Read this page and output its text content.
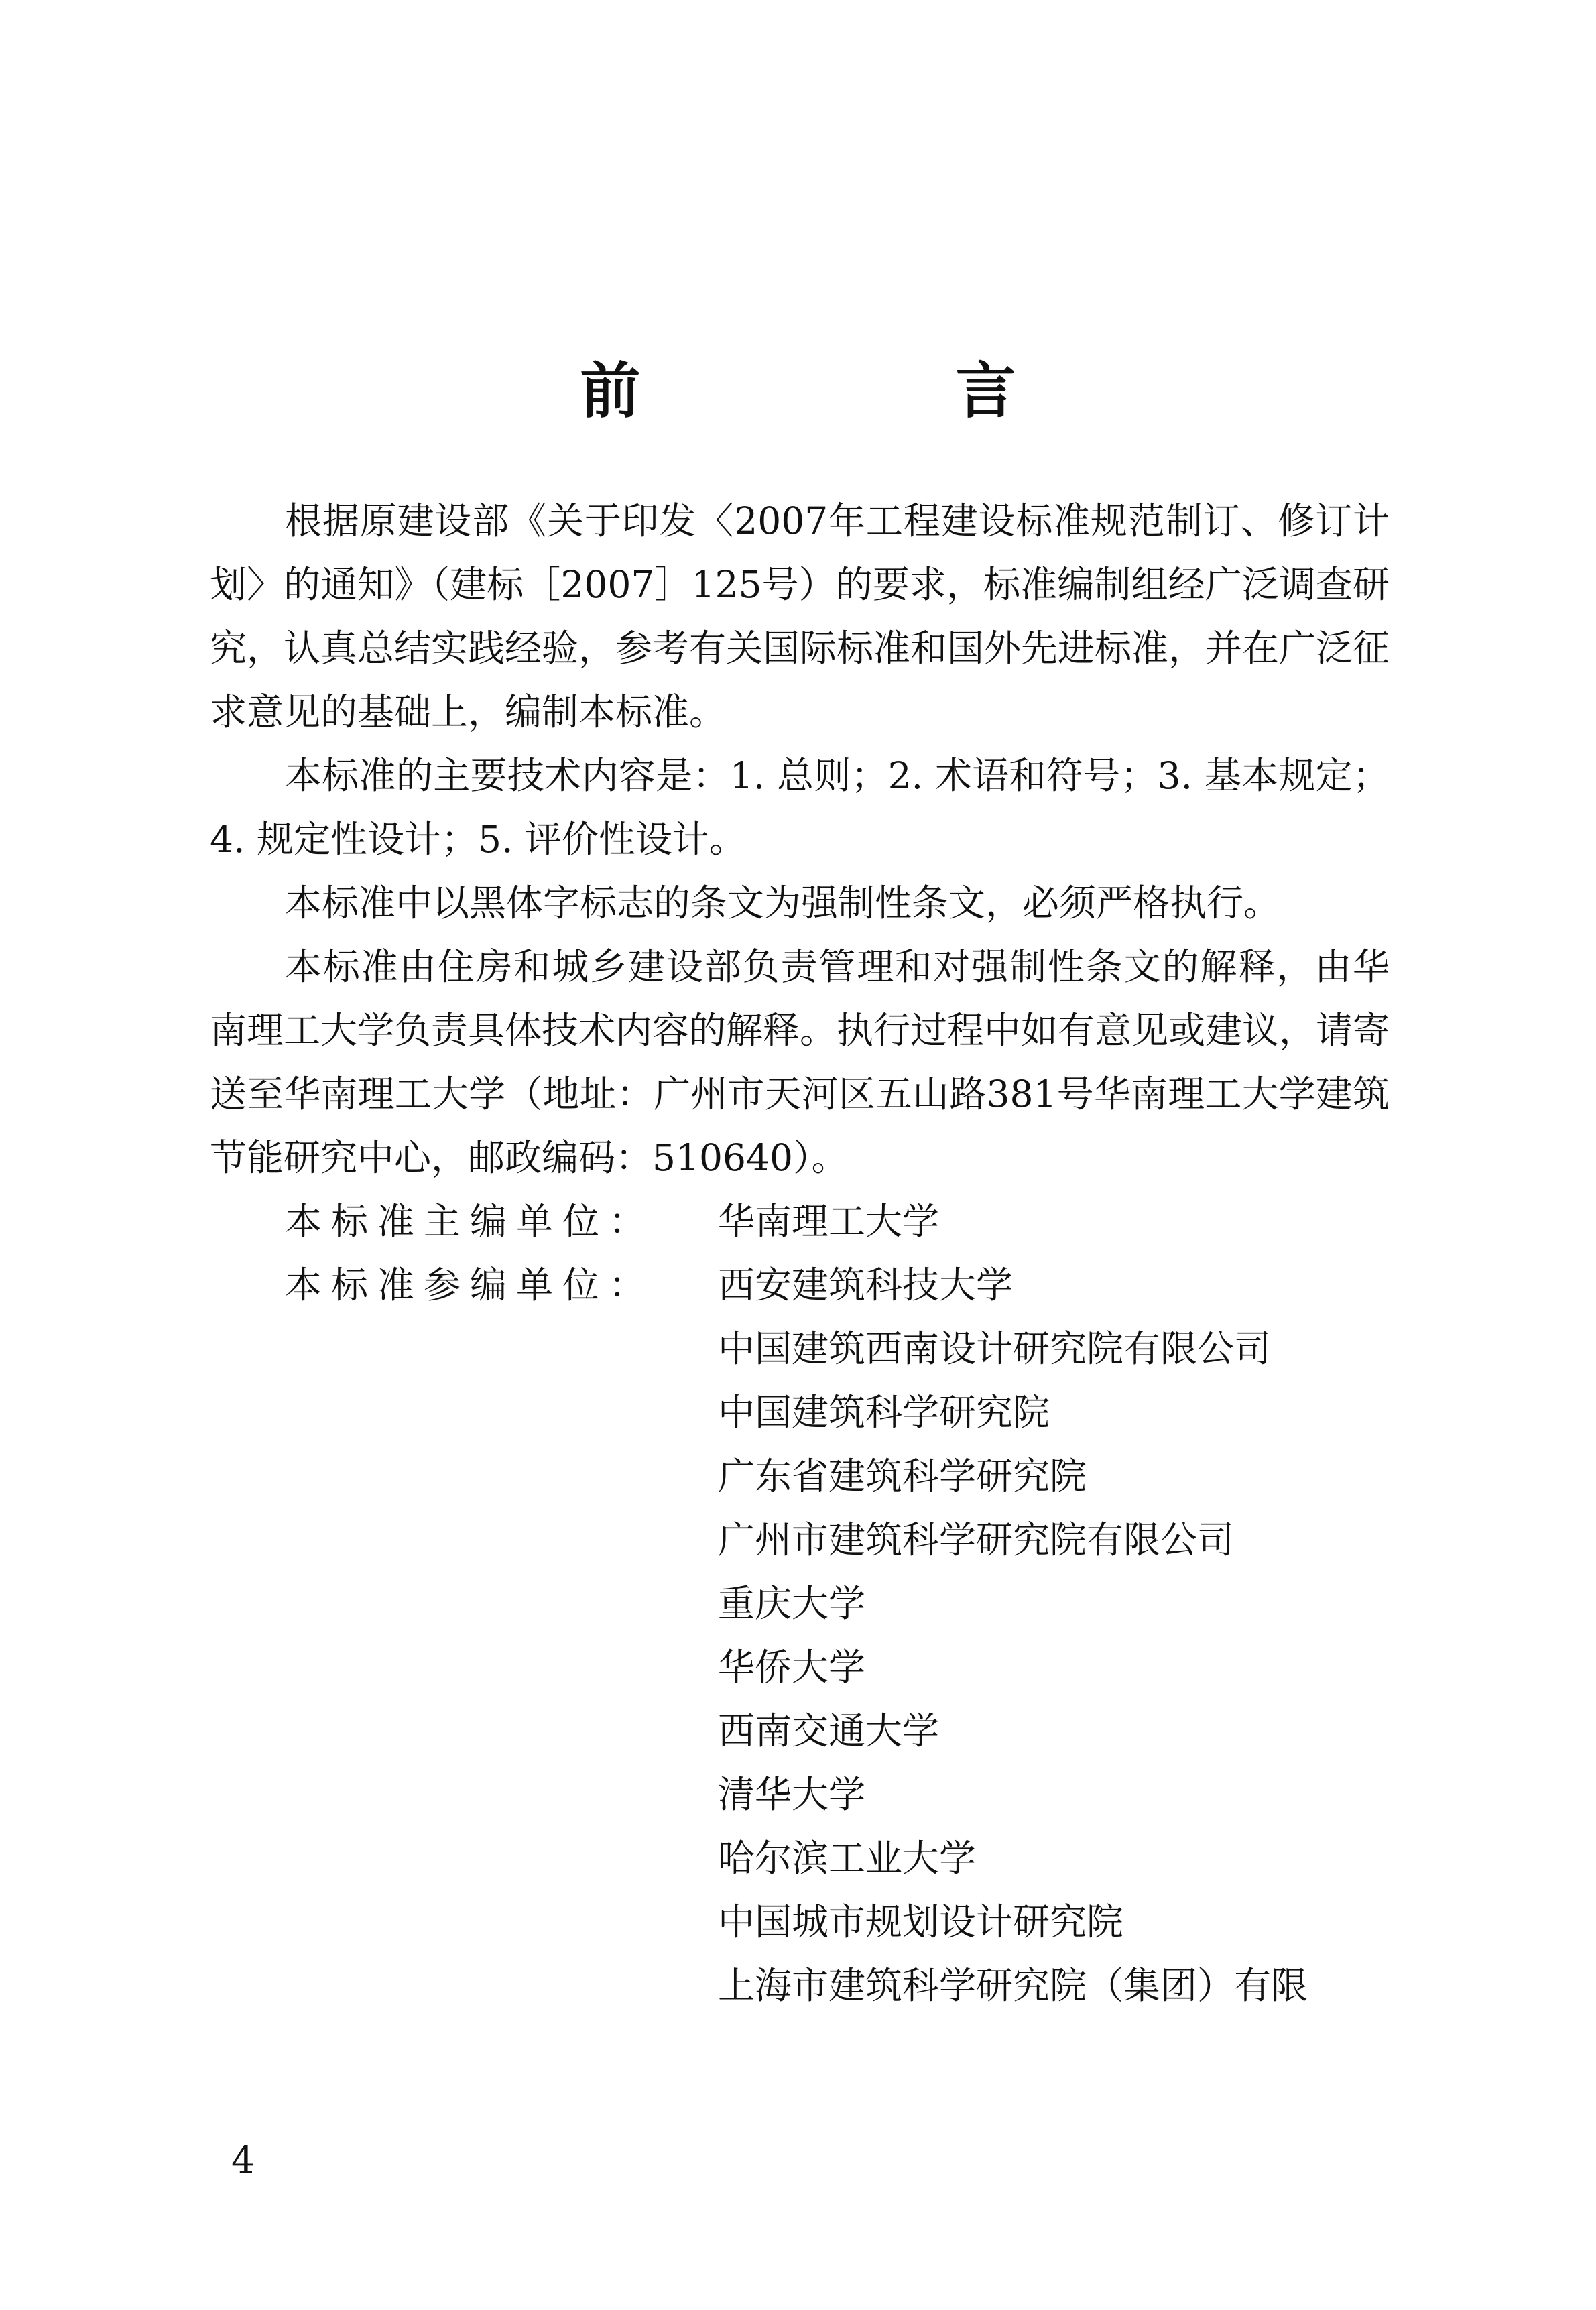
前　言

根据原建设部《关于印发〈2007年工程建设标准规范制订、修订计划〉的通知》（建标［2007］125号）的要求，标准编制组经广泛调查研究，认真总结实践经验，参考有关国际标准和国外先进标准，并在广泛征求意见的基础上，编制本标准。

本标准的主要技术内容是：1. 总则；2. 术语和符号；3. 基本规定；4. 规定性设计；5. 评价性设计。

本标准中以黑体字标志的条文为强制性条文，必须严格执行。

本标准由住房和城乡建设部负责管理和对强制性条文的解释，由华南理工大学负责具体技术内容的解释。执行过程中如有意见或建议，请寄送至华南理工大学（地址：广州市天河区五山路381号华南理工大学建筑节能研究中心，邮政编码：510640）。

本标准主编单位：	华南理工大学
本标准参编单位：	西安建筑科技大学
中国建筑西南设计研究院有限公司
中国建筑科学研究院
广东省建筑科学研究院
广州市建筑科学研究院有限公司
重庆大学
华侨大学
西南交通大学
清华大学
哈尔滨工业大学
中国城市规划设计研究院
上海市建筑科学研究院（集团）有限
4
